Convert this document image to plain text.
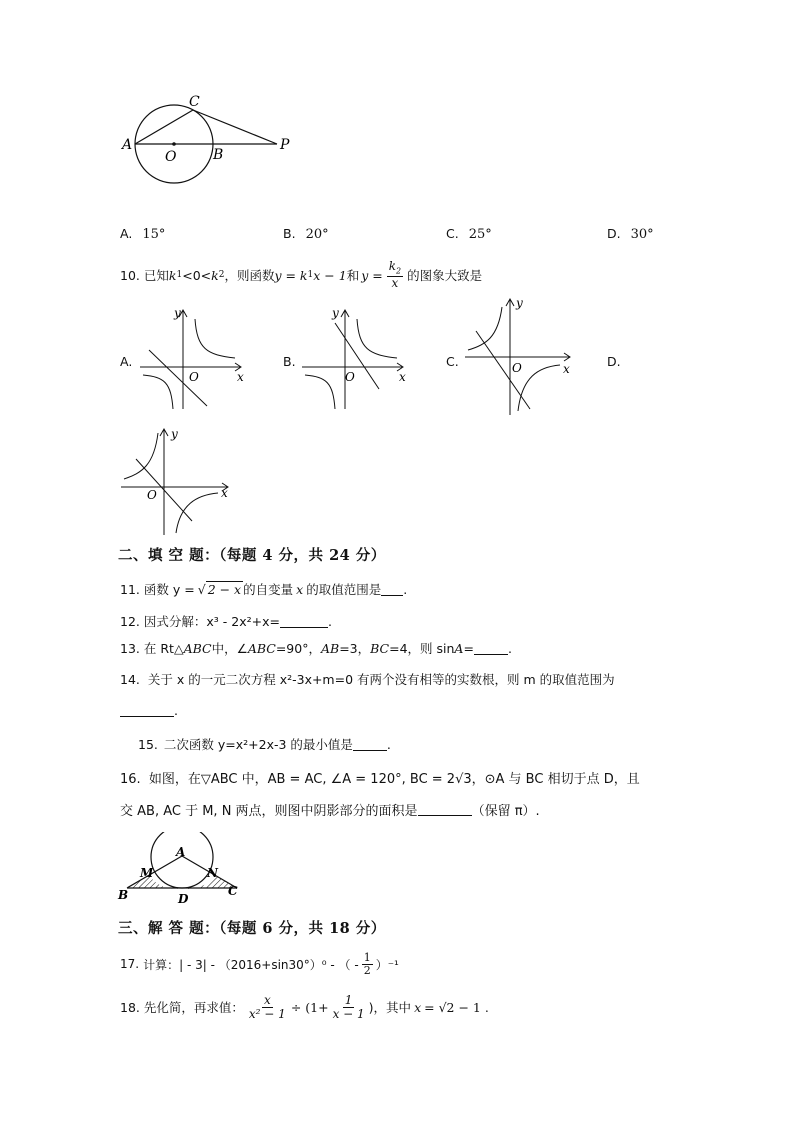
A
O	B
C
P
A. 15°	B. 20°	C. 25°	D. 30°
10. 已知 k 1 <0< k 2 ，则函数 y = k 1 x − 1 和 $y = \frac{k_2}{x}$ 的图象大致是
A.	B.	C.	D.
y
x
O
y
x
O
y
x
O
y
x
O
二、填 空 题：（每题 4 分，共 24 分）
11. 函数 y = √ 2 − x 的自变量 x 的取值范围是 .
12. 因式分解：x³ - 2x²+x=	.
13. 在 Rt△ ABC 中，∠ ABC =90°， AB =3， BC =4，则 sin A =	.
14. 关于 x 的一元二次方程 x²-3x+m=0 有两个没有相等的实数根，则 m 的取值范围为
.
15. 二次函数 y=x²+2x-3 的最小值是	.
16. 如图，在▽ABC 中，AB = AC, ∠A = 120°, BC = 2√3，⊙A 与 BC 相切于点 D，且
交 AB, AC 于 M, N 两点，则图中阴影部分的面积是	（保留 π）.
A
M	N
B	C
D
三、解 答 题：（每题 6 分，共 18 分）
17. 计算：| - 3| - （2016+sin30°）⁰ - （ - $\frac{1}{2} )^{-1}$
18. 先化简，再求值： $\frac{x}{\text{x² − 1}} \div (1+ \frac{1}{x - 1}$ )，其中 x = √2 − 1 .
